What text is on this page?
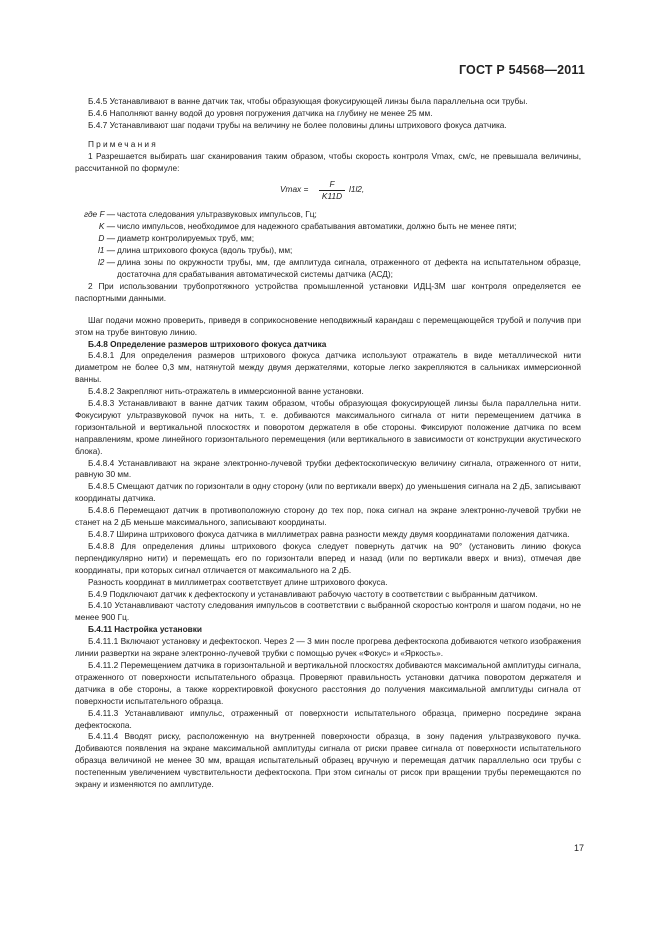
ГОСТ Р 54568—2011

Б.4.5 Устанавливают в ванне датчик так, чтобы образующая фокусирующей линзы была параллельна оси трубы.

Б.4.6 Наполняют ванну водой до уровня погружения датчика на глубину не менее 25 мм.

Б.4.7 Устанавливают шаг подачи трубы на величину не более половины длины штрихового фокуса датчика.

Примечания

1 Разрешается выбирать шаг сканирования таким образом, чтобы скорость контроля Vmax, см/с, не превышала величины, рассчитанной по формуле:

$Vmax = \frac{F}{K11D} l1l2$,
где F — частота следования ультразвуковых импульсов, Гц;
K — число импульсов, необходимое для надежного срабатывания автоматики, должно быть не менее пяти;
D — диаметр контролируемых труб, мм;
l1 — длина штрихового фокуса (вдоль трубы), мм;
l2 — длина зоны по окружности трубы, мм, где амплитуда сигнала, отраженного от дефекта на испытательном образце, достаточна для срабатывания автоматической системы датчика (АСД);

2 При использовании трубопротяжного устройства промышленной установки ИДЦ-3М шаг контроля определяется ее паспортными данными.

Шаг подачи можно проверить, приведя в соприкосновение неподвижный карандаш с перемещающейся трубой и получив при этом на трубе винтовую линию.

Б.4.8 Определение размеров штрихового фокуса датчика

Б.4.8.1 Для определения размеров штрихового фокуса датчика используют отражатель в виде металлической нити диаметром не более 0,3 мм, натянутой между двумя держателями, которые легко закрепляются в сальниках иммерсионной ванны.

Б.4.8.2 Закрепляют нить-отражатель в иммерсионной ванне установки.

Б.4.8.3 Устанавливают в ванне датчик таким образом, чтобы образующая фокусирующей линзы была параллельна нити. Фокусируют ультразвуковой пучок на нить, т. е. добиваются максимального сигнала от нити перемещением датчика в горизонтальной и вертикальной плоскостях и поворотом держателя в обе стороны. Фиксируют положение датчика по всем направлениям, кроме линейного горизонтального перемещения (или вертикального в зависимости от конструкции акустического блока).

Б.4.8.4 Устанавливают на экране электронно-лучевой трубки дефектоскопическую величину сигнала, отраженного от нити, равную 30 мм.

Б.4.8.5 Смещают датчик по горизонтали в одну сторону (или по вертикали вверх) до уменьшения сигнала на 2 дБ, записывают координаты датчика.

Б.4.8.6 Перемещают датчик в противоположную сторону до тех пор, пока сигнал на экране электронно-лучевой трубки не станет на 2 дБ меньше максимального, записывают координаты.

Б.4.8.7 Ширина штрихового фокуса датчика в миллиметрах равна разности между двумя координатами положения датчика.

Б.4.8.8 Для определения длины штрихового фокуса следует повернуть датчик на 90° (установить линию фокуса перпендикулярно нити) и перемещать его по горизонтали вперед и назад (или по вертикали вверх и вниз), отмечая две координаты, при которых сигнал отличается от максимального на 2 дБ.

Разность координат в миллиметрах соответствует длине штрихового фокуса.

Б.4.9 Подключают датчик к дефектоскопу и устанавливают рабочую частоту в соответствии с выбранным датчиком.

Б.4.10 Устанавливают частоту следования импульсов в соответствии с выбранной скоростью контроля и шагом подачи, но не менее 900 Гц.

Б.4.11 Настройка установки

Б.4.11.1 Включают установку и дефектоскоп. Через 2 — 3 мин после прогрева дефектоскопа добиваются четкого изображения линии развертки на экране электронно-лучевой трубки с помощью ручек «Фокус» и «Яркость».

Б.4.11.2 Перемещением датчика в горизонтальной и вертикальной плоскостях добиваются максимальной амплитуды сигнала, отраженного от поверхности испытательного образца. Проверяют правильность установки датчика поворотом держателя и датчика в обе стороны, а также корректировкой фокусного расстояния до получения максимальной амплитуды сигнала от поверхности испытательного образца.

Б.4.11.3 Устанавливают импульс, отраженный от поверхности испытательного образца, примерно посредине экрана дефектоскопа.

Б.4.11.4 Вводят риску, расположенную на внутренней поверхности образца, в зону падения ультразвукового пучка. Добиваются появления на экране максимальной амплитуды сигнала от риски правее сигнала от поверхности испытательного образца величиной не менее 30 мм, вращая испытательный образец вручную и перемещая датчик параллельно оси трубы с постепенным увеличением чувствительности дефектоскопа. При этом сигналы от рисок при вращении трубы перемещаются по экрану и изменяются по амплитуде.

17
